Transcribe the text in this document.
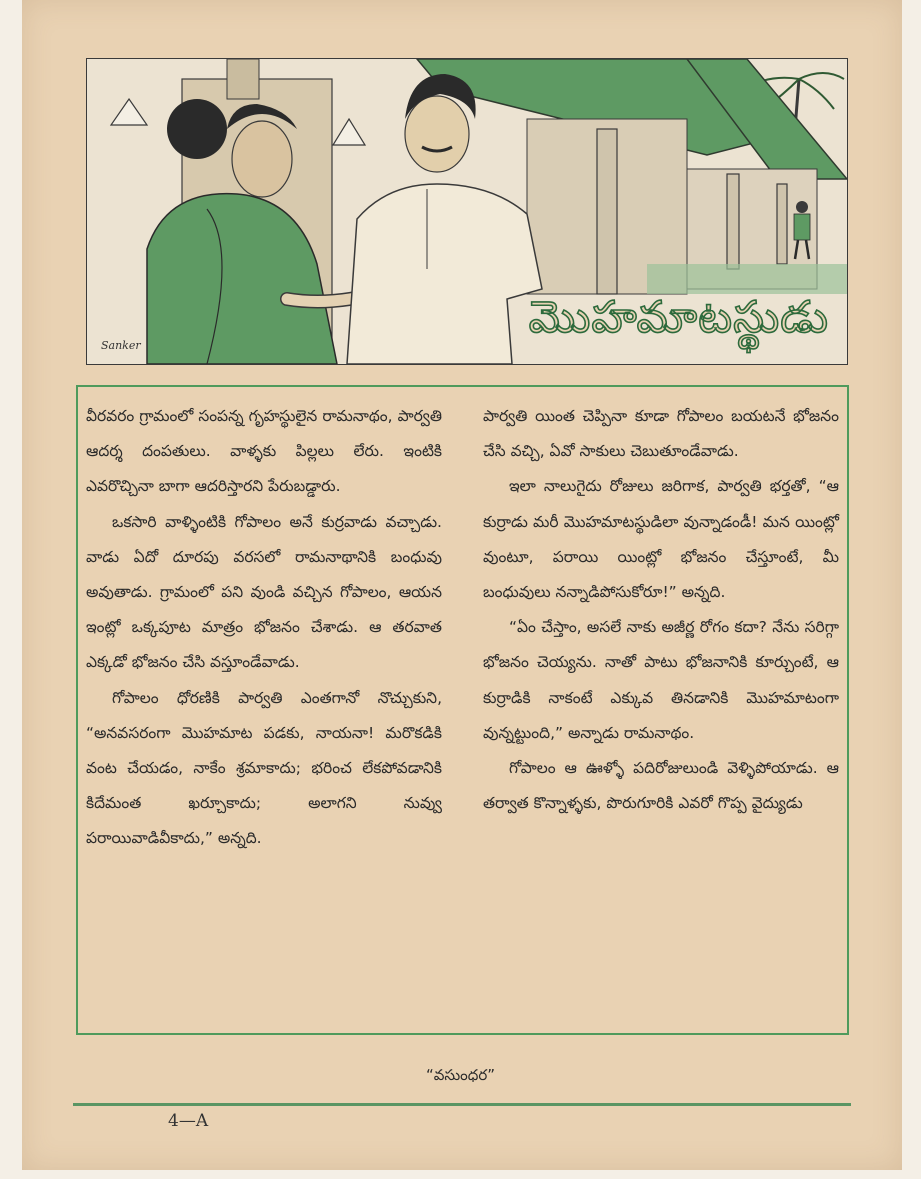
Sanker
మొహమాటస్థుడు

వీరవరం గ్రామంలో సంపన్న గృహస్థులైన రామనాథం, పార్వతి ఆదర్శ దంపతులు. వాళ్ళకు పిల్లలు లేరు. ఇంటికి ఎవరొచ్చినా బాగా ఆదరిస్తారని పేరుబడ్డారు.

ఒకసారి వాళ్ళింటికి గోపాలం అనే కుర్రవాడు వచ్చాడు. వాడు ఏదో దూరపు వరసలో రామనాథానికి బంధువు అవుతాడు. గ్రామంలో పని వుండి వచ్చిన గోపాలం, ఆయన ఇంట్లో ఒక్కపూట మాత్రం భోజనం చేశాడు. ఆ తరవాత ఎక్కడో భోజనం చేసి వస్తూండేవాడు.

గోపాలం ధోరణికి పార్వతి ఎంతగానో నొచ్చుకుని, “అనవసరంగా మొహమాట పడకు, నాయనా! మరొకడికి వంట చేయడం, నాకేం శ్రమాకాదు; భరించ లేకపోవడానికి కిదేమంత ఖర్చూకాదు; అలాగని నువ్వు పరాయివాడివీకాదు,” అన్నది.

పార్వతి యింత చెప్పినా కూడా గోపాలం బయటనే భోజనం చేసి వచ్చి, ఏవో సాకులు చెబుతూండేవాడు.

ఇలా నాలుగైదు రోజులు జరిగాక, పార్వతి భర్తతో, “ఆ కుర్రాడు మరీ మొహమాటస్థుడిలా వున్నాడండీ! మన యింట్లో వుంటూ, పరాయి యింట్లో భోజనం చేస్తూంటే, మీ బంధువులు నన్నాడిపోసుకోరూ!” అన్నది.

“ఏం చేస్తాం, అసలే నాకు అజీర్ణ రోగం కదా? నేను సరిగ్గా భోజనం చెయ్యను. నాతో పాటు భోజనానికి కూర్చుంటే, ఆ కుర్రాడికి నాకంటే ఎక్కువ తినడానికి మొహమాటంగా వున్నట్టుంది,” అన్నాడు రామనాథం.

గోపాలం ఆ ఊళ్ళో పదిరోజులుండి వెళ్ళిపోయాడు. ఆ తర్వాత కొన్నాళ్ళకు, పొరుగూరికి ఎవరో గొప్ప వైద్యుడు

“వసుంధర”
4—A
